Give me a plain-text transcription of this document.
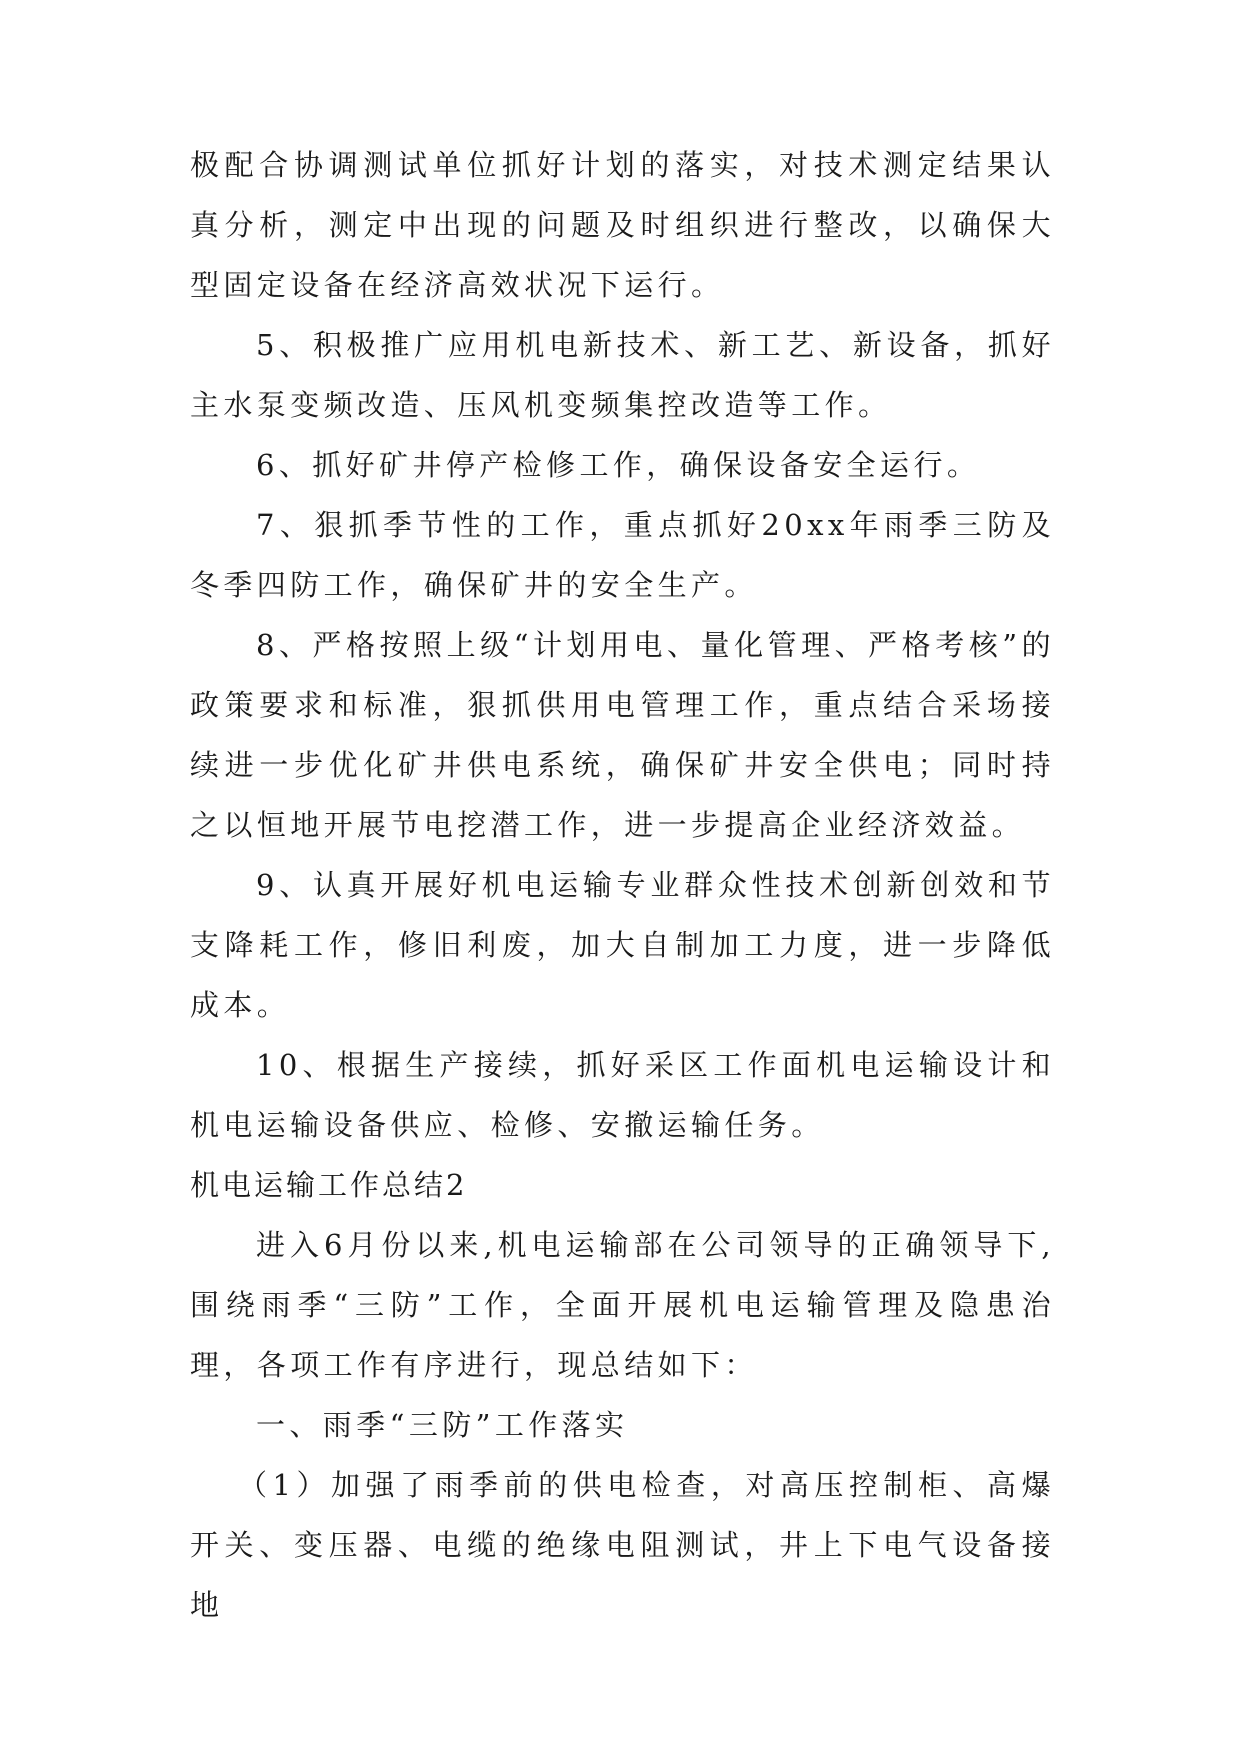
极配合协调测试单位抓好计划的落实，对技术测定结果认真分析，测定中出现的问题及时组织进行整改，以确保大型固定设备在经济高效状况下运行。

5、积极推广应用机电新技术、新工艺、新设备，抓好主水泵变频改造、压风机变频集控改造等工作。

6、抓好矿井停产检修工作，确保设备安全运行。

7、狠抓季节性的工作，重点抓好20xx年雨季三防及冬季四防工作，确保矿井的安全生产。

8、严格按照上级“计划用电、量化管理、严格考核”的政策要求和标准，狠抓供用电管理工作，重点结合采场接续进一步优化矿井供电系统，确保矿井安全供电；同时持之以恒地开展节电挖潜工作，进一步提高企业经济效益。

9、认真开展好机电运输专业群众性技术创新创效和节支降耗工作，修旧利废，加大自制加工力度，进一步降低成本。

10、根据生产接续，抓好采区工作面机电运输设计和机电运输设备供应、检修、安撤运输任务。

机电运输工作总结2

进入6月份以来,机电运输部在公司领导的正确领导下,围绕雨季“三防”工作，全面开展机电运输管理及隐患治理，各项工作有序进行，现总结如下：

一、雨季“三防”工作落实

（1）加强了雨季前的供电检查，对高压控制柜、高爆开关、变压器、电缆的绝缘电阻测试，井上下电气设备接地
